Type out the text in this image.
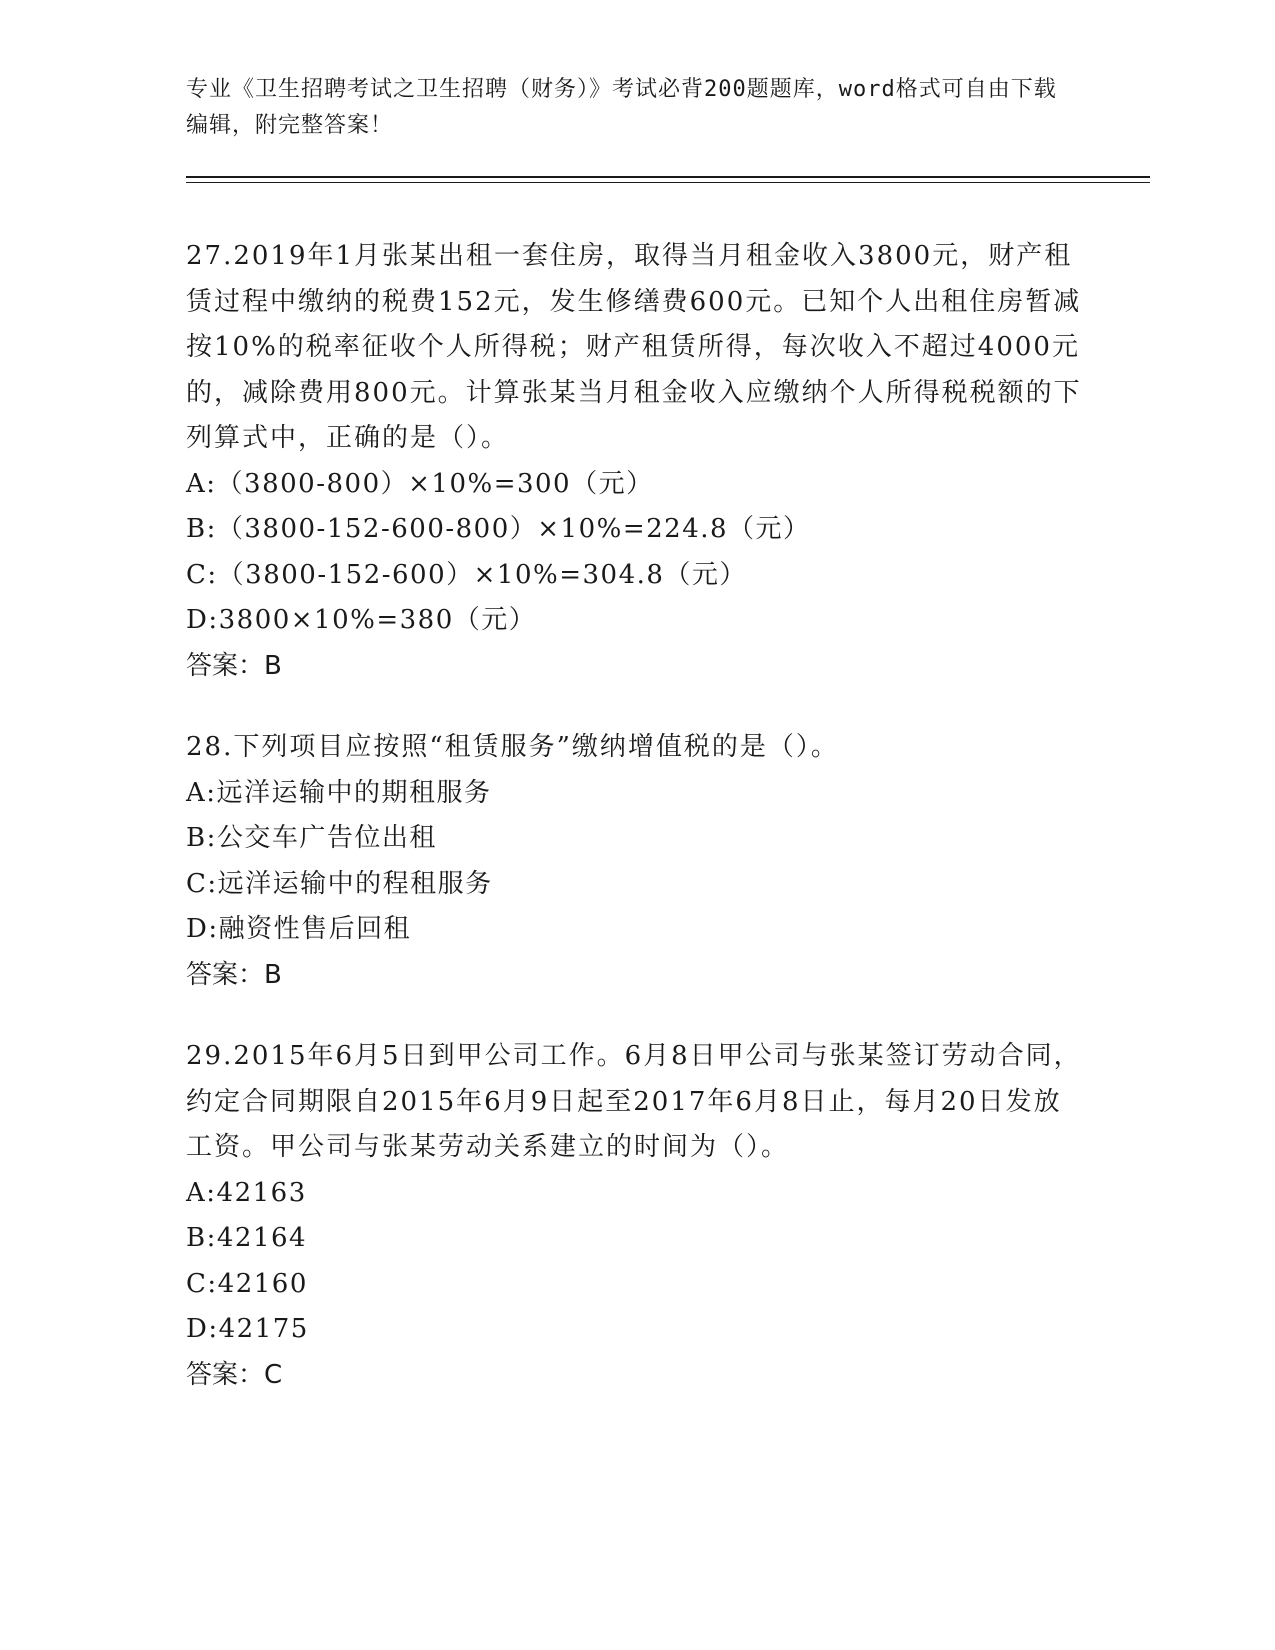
专业《卫生招聘考试之卫生招聘（财务）》考试必背200题题库，word格式可自由下载编辑，附完整答案！

27.2019年1月张某出租一套住房，取得当月租金收入3800元，财产租赁过程中缴纳的税费152元，发生修缮费600元。已知个人出租住房暂减按10%的税率征收个人所得税；财产租赁所得，每次收入不超过4000元的，减除费用800元。计算张某当月租金收入应缴纳个人所得税税额的下列算式中，正确的是（）。

A:（3800-800）×10%=300（元）

B:（3800-152-600-800）×10%=224.8（元）

C:（3800-152-600）×10%=304.8（元）

D:3800×10%=380（元）

答案：B

28.下列项目应按照“租赁服务”缴纳增值税的是（）。

A:远洋运输中的期租服务

B:公交车广告位出租

C:远洋运输中的程租服务

D:融资性售后回租

答案：B

29.2015年6月5日到甲公司工作。6月8日甲公司与张某签订劳动合同，约定合同期限自2015年6月9日起至2017年6月8日止，每月20日发放工资。甲公司与张某劳动关系建立的时间为（）。

A:42163

B:42164

C:42160

D:42175

答案：C
